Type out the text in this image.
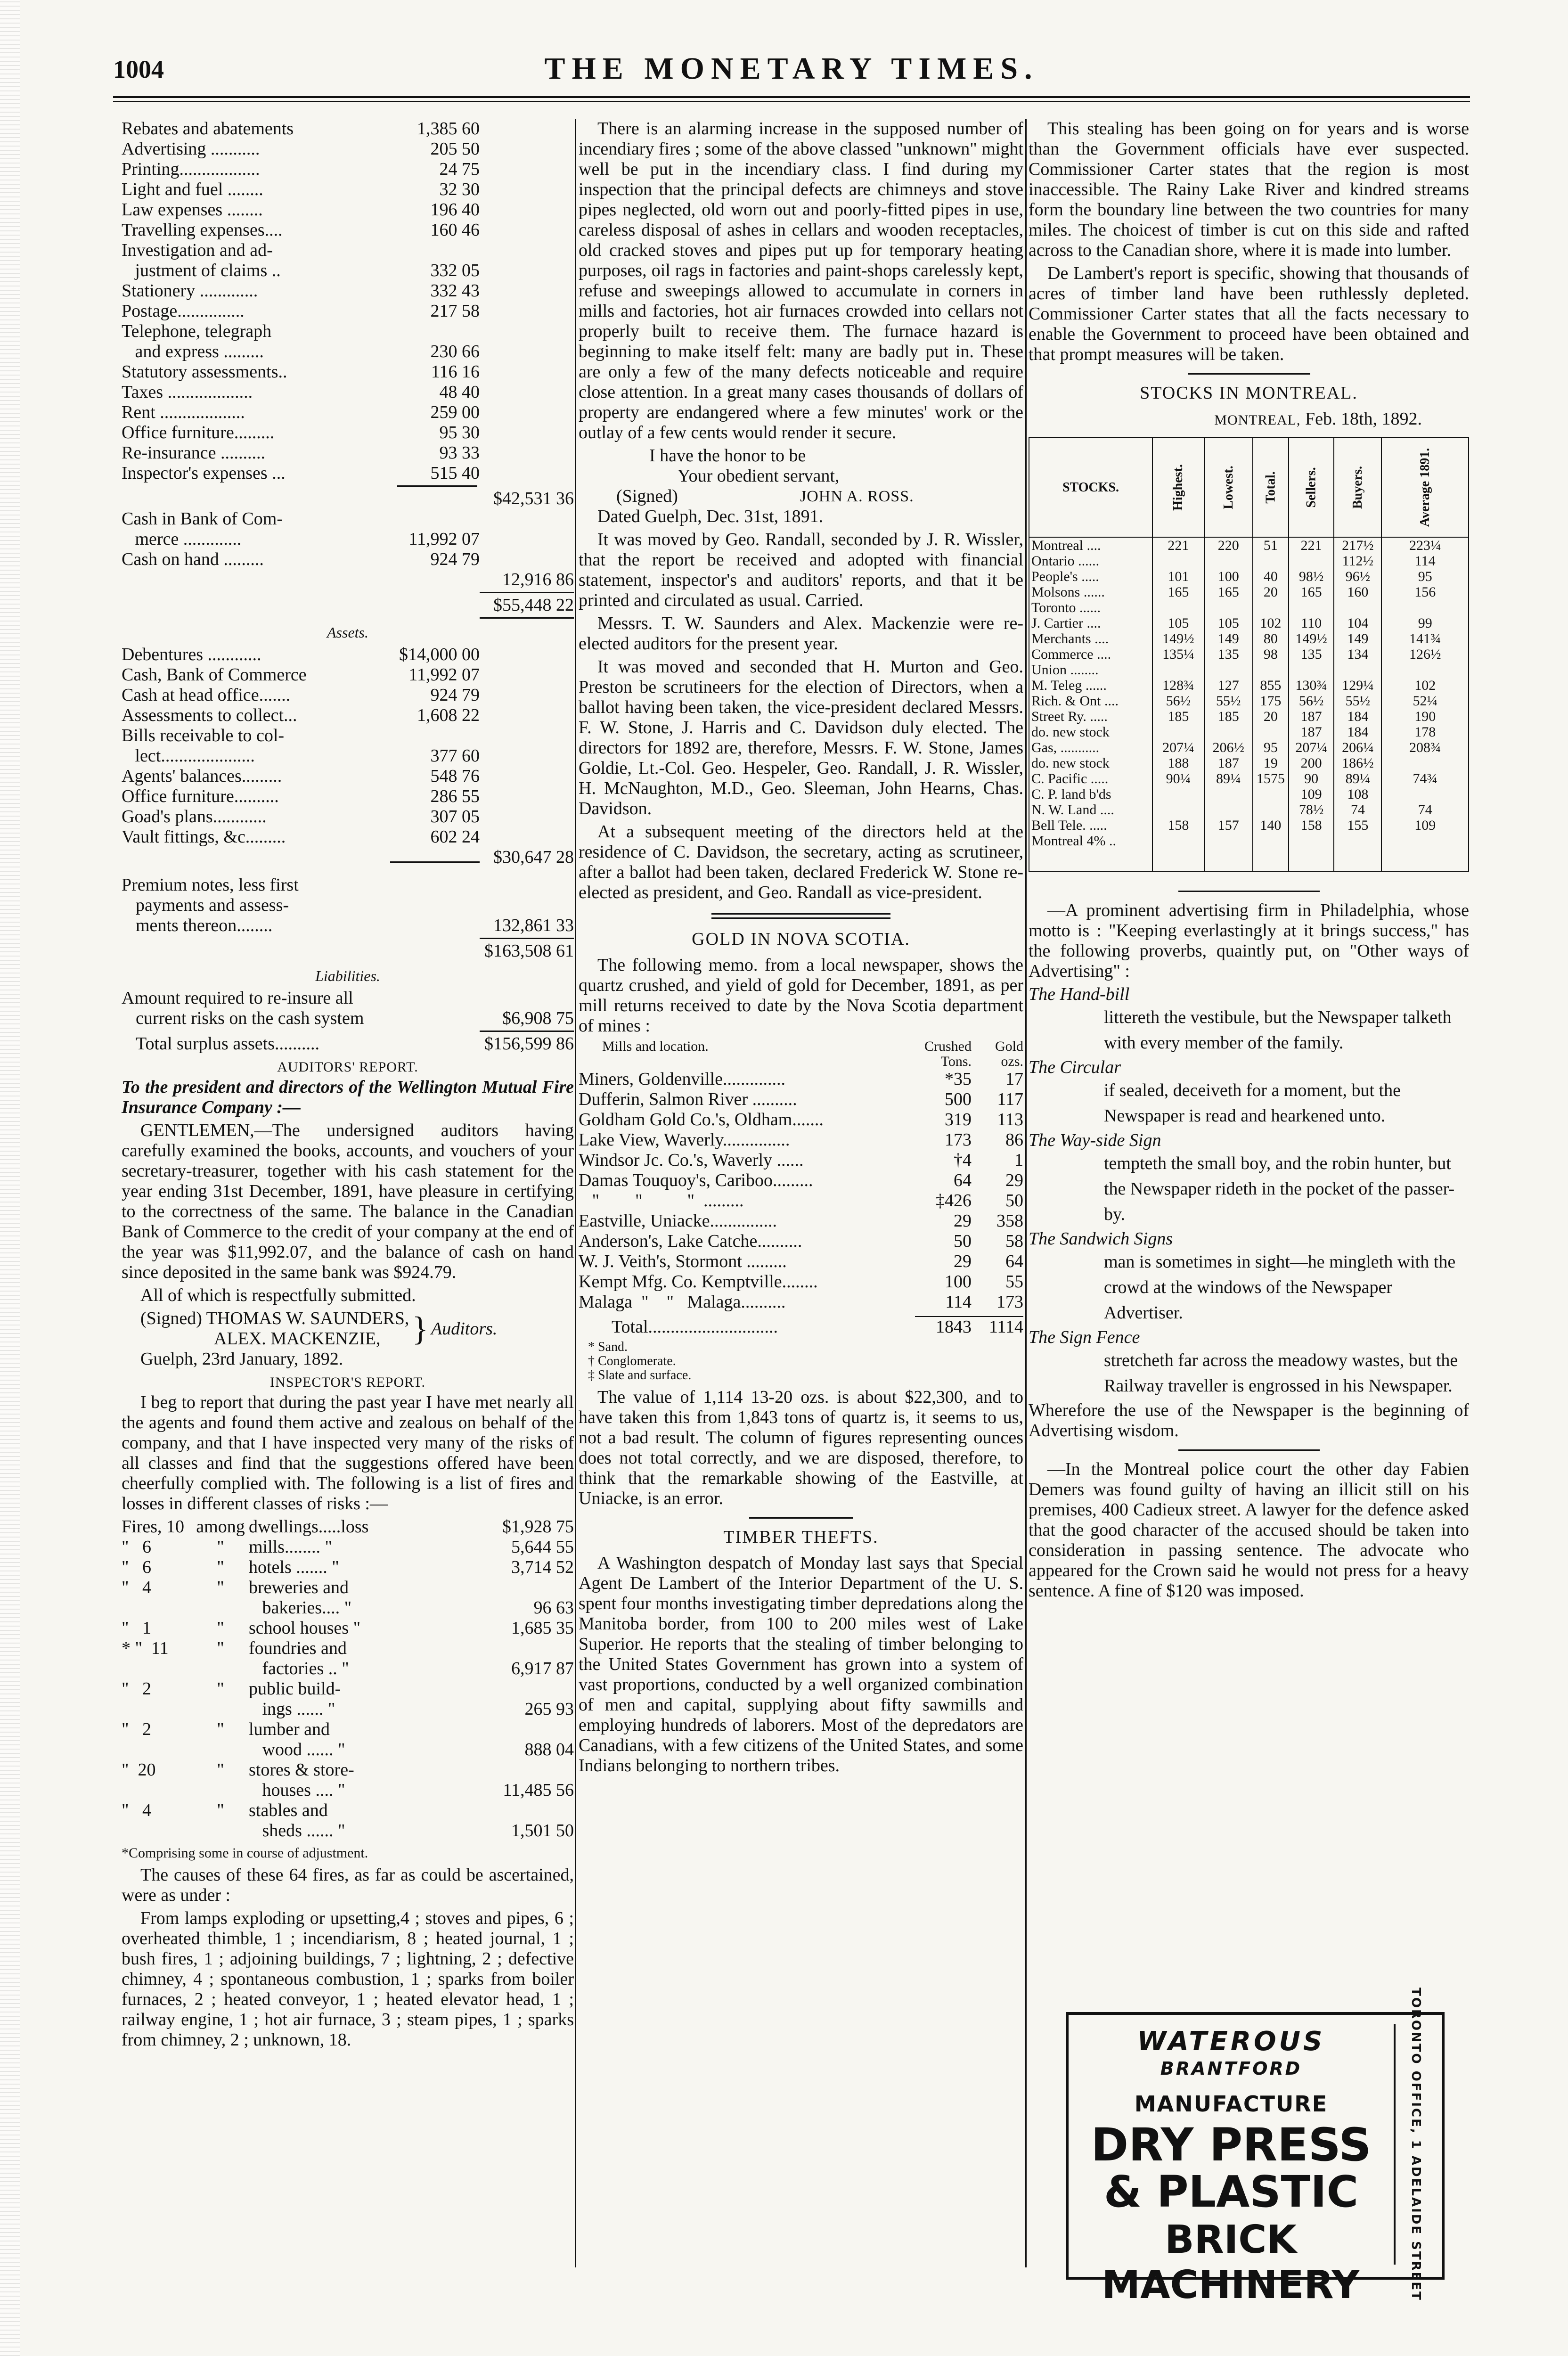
1004	THE MONETARY TIMES.
Rebates and abatements	1,385 60
Advertising ...........	205 50
Printing..................	24 75
Light and fuel ........	32 30
Law expenses ........	196 40
Travelling expenses....	160 46
Investigation and ad-
justment of claims ..	332 05
Stationery .............	332 43
Postage...............	217 58
Telephone, telegraph
and express .........	230 66
Statutory assessments..	116 16
Taxes ...................	48 40
Rent ...................	259 00
Office furniture.........	95 30
Re-insurance ..........	93 33
Inspector's expenses ...	515 40
$42,531 36
Cash in Bank of Com-
merce .............	11,992 07
Cash on hand .........	924 79
12,916 86
$55,448 22
Assets.
Debentures ............	$14,000 00
Cash, Bank of Commerce	11,992 07
Cash at head office.......	924 79
Assessments to collect...	1,608 22
Bills receivable to col-
lect.....................	377 60
Agents' balances.........	548 76
Office furniture..........	286 55
Goad's plans............	307 05
Vault fittings, &c.........	602 24
$30,647 28
Premium notes, less first
payments and assess-
ments thereon........	132,861 33
$163,508 61
Liabilities.
Amount required to re-insure all
current risks on the cash system	$6,908 75
Total surplus assets..........	$156,599 86
AUDITORS' REPORT.

To the president and directors of the Wellington Mutual Fire Insurance Company :—

GENTLEMEN,—The undersigned auditors having carefully examined the books, accounts, and vouchers of your secretary-treasurer, together with his cash statement for the year ending 31st December, 1891, have pleasure in certifying to the correctness of the same. The balance in the Canadian Bank of Commerce to the credit of your company at the end of the year was $11,992.07, and the balance of cash on hand since deposited in the same bank was $924.79.

All of which is respectfully submitted.

(Signed) THOMAS W. SAUNDERS,
ALEX. MACKENZIE, } Auditors.

Guelph, 23rd January, 1892.

INSPECTOR'S REPORT.

I beg to report that during the past year I have met nearly all the agents and found them active and zealous on behalf of the company, and that I have inspected very many of the risks of all classes and find that the suggestions offered have been cheerfully complied with. The following is a list of fires and losses in different classes of risks :—

Fires, 10 among dwellings.....loss	$1,928 75
"   6	"	mills........ "	5,644 55
"   6	"	hotels ....... "	3,714 52
"   4	"	breweries and
bakeries.... "	96 63
"   1	"	school houses "	1,685 35
* "  11	"	foundries and
factories .. "	6,917 87
"   2	"	public build-
ings ...... "	265 93
"   2	"	lumber and
wood ...... "	888 04
"  20	"	stores & store-
houses .... "	11,485 56
"   4	"	stables and
sheds ...... "	1,501 50
*Comprising some in course of adjustment.

The causes of these 64 fires, as far as could be ascertained, were as under :

From lamps exploding or upsetting,4 ; stoves and pipes, 6 ; overheated thimble, 1 ; incendiarism, 8 ; heated journal, 1 ; bush fires, 1 ; adjoining buildings, 7 ; lightning, 2 ; defective chimney, 4 ; spontaneous combustion, 1 ; sparks from boiler furnaces, 2 ; heated conveyor, 1 ; heated elevator head, 1 ; railway engine, 1 ; hot air furnace, 3 ; steam pipes, 1 ; sparks from chimney, 2 ; unknown, 18.

There is an alarming increase in the supposed number of incendiary fires ; some of the above classed "unknown" might well be put in the incendiary class. I find during my inspection that the principal defects are chimneys and stove pipes neglected, old worn out and poorly-fitted pipes in use, careless disposal of ashes in cellars and wooden receptacles, old cracked stoves and pipes put up for temporary heating purposes, oil rags in factories and paint-shops carelessly kept, refuse and sweepings allowed to accumulate in corners in mills and factories, hot air furnaces crowded into cellars not properly built to receive them. The furnace hazard is beginning to make itself felt: many are badly put in. These are only a few of the many defects noticeable and require close attention. In a great many cases thousands of dollars of property are endangered where a few minutes' work or the outlay of a few cents would render it secure.

I have the honor to be
Your obedient servant,
(Signed)	JOHN A. ROSS.

Dated Guelph, Dec. 31st, 1891.

It was moved by Geo. Randall, seconded by J. R. Wissler, that the report be received and adopted with financial statement, inspector's and auditors' reports, and that it be printed and circulated as usual. Carried.

Messrs. T. W. Saunders and Alex. Mackenzie were re-elected auditors for the present year.

It was moved and seconded that H. Murton and Geo. Preston be scrutineers for the election of Directors, when a ballot having been taken, the vice-president declared Messrs. F. W. Stone, J. Harris and C. Davidson duly elected. The directors for 1892 are, therefore, Messrs. F. W. Stone, James Goldie, Lt.-Col. Geo. Hespeler, Geo. Randall, J. R. Wissler, H. McNaughton, M.D., Geo. Sleeman, John Hearns, Chas. Davidson.

At a subsequent meeting of the directors held at the residence of C. Davidson, the secretary, acting as scrutineer, after a ballot had been taken, declared Frederick W. Stone re-elected as president, and Geo. Randall as vice-president.

GOLD IN NOVA SCOTIA.

The following memo. from a local newspaper, shows the quartz crushed, and yield of gold for December, 1891, as per mill returns received to date by the Nova Scotia department of mines :

Mills and location.	Crushed	Gold
Tons.	ozs.
Miners, Goldenville..............	*35	17
Dufferin, Salmon River ..........	500	117
Goldham Gold Co.'s, Oldham.......	319	113
Lake View, Waverly...............	173	86
Windsor Jc. Co.'s, Waverly ......	†4	1
Damas Touquoy's, Cariboo.........	64	29
"        "          "  .........	‡426	50
Eastville, Uniacke...............	29	358
Anderson's, Lake Catche..........	50	58
W. J. Veith's, Stormont .........	29	64
Kempt Mfg. Co. Kemptville........	100	55
Malaga  "    "   Malaga..........	114	173
Total.............................	1843 1114
* Sand.
† Conglomerate.
‡ Slate and surface.

The value of 1,114 13-20 ozs. is about $22,300, and to have taken this from 1,843 tons of quartz is, it seems to us, not a bad result. The column of figures representing ounces does not total correctly, and we are disposed, therefore, to think that the remarkable showing of the Eastville, at Uniacke, is an error.

TIMBER THEFTS.

A Washington despatch of Monday last says that Special Agent De Lambert of the Interior Department of the U. S. spent four months investigating timber depredations along the Manitoba border, from 100 to 200 miles west of Lake Superior. He reports that the stealing of timber belonging to the United States Government has grown into a system of vast proportions, conducted by a well organized combination of men and capital, supplying about fifty sawmills and employing hundreds of laborers. Most of the depredators are Canadians, with a few citizens of the United States, and some Indians belonging to northern tribes.

This stealing has been going on for years and is worse than the Government officials have ever suspected. Commissioner Carter states that the region is most inaccessible. The Rainy Lake River and kindred streams form the boundary line between the two countries for many miles. The choicest of timber is cut on this side and rafted across to the Canadian shore, where it is made into lumber.

De Lambert's report is specific, showing that thousands of acres of timber land have been ruthlessly depleted. Commissioner Carter states that all the facts necessary to enable the Government to proceed have been obtained and that prompt measures will be taken.

STOCKS IN MONTREAL.
MONTREAL, Feb. 18th, 1892.
STOCKS.	Highest.	Lowest.	Total.	Sellers.	Buyers.	Average 1891.
Montreal ....	221	220	51	221	217½	223¼
Ontario ......					112½	114
People's .....	101	100	40	98½	96½	95
Molsons ......	165	165	20	165	160	156
Toronto ......						
J. Cartier ....	105	105	102	110	104	99
Merchants ....	149½	149	80	149½	149	141¾
Commerce ....	135¼	135	98	135	134	126½
Union ........						
M. Teleg ......	128¾	127	855	130¾	129¼	102
Rich. & Ont ....	56½	55½	175	56½	55½	52¼
Street Ry. .....	185	185	20	187	184	190
do. new stock				187	184	178
Gas, ...........	207¼	206½	95	207¼	206¼	208¾
do. new stock	188	187	19	200	186½	
C. Pacific .....	90¼	89¼	1575	90	89¼	74¾
C. P. land b'ds				109	108	
N. W. Land ....				78½	74	74
Bell Tele. .....	158	157	140	158	155	109
Montreal 4% ..						

—A prominent advertising firm in Philadelphia, whose motto is : "Keeping everlastingly at it brings success," has the following proverbs, quaintly put, on "Other ways of Advertising" :

The Hand-bill
littereth the vestibule, but the Newspaper talketh with every member of the family.
The Circular
if sealed, deceiveth for a moment, but the Newspaper is read and hearkened unto.
The Way-side Sign
tempteth the small boy, and the robin hunter, but the Newspaper rideth in the pocket of the passer-by.
The Sandwich Signs
man is sometimes in sight—he mingleth with the crowd at the windows of the Newspaper Advertiser.
The Sign Fence
stretcheth far across the meadowy wastes, but the Railway traveller is engrossed in his Newspaper.

Wherefore the use of the Newspaper is the beginning of Advertising wisdom.

—In the Montreal police court the other day Fabien Demers was found guilty of having an illicit still on his premises, 400 Cadieux street. A lawyer for the defence asked that the good character of the accused should be taken into consideration in passing sentence. The advocate who appeared for the Crown said he would not press for a heavy sentence. A fine of $120 was imposed.

WATEROUS
BRANTFORD
MANUFACTURE
DRY PRESS
& PLASTIC
BRICK MACHINERY	TORONTO OFFICE, 1 ADELAIDE STREET
